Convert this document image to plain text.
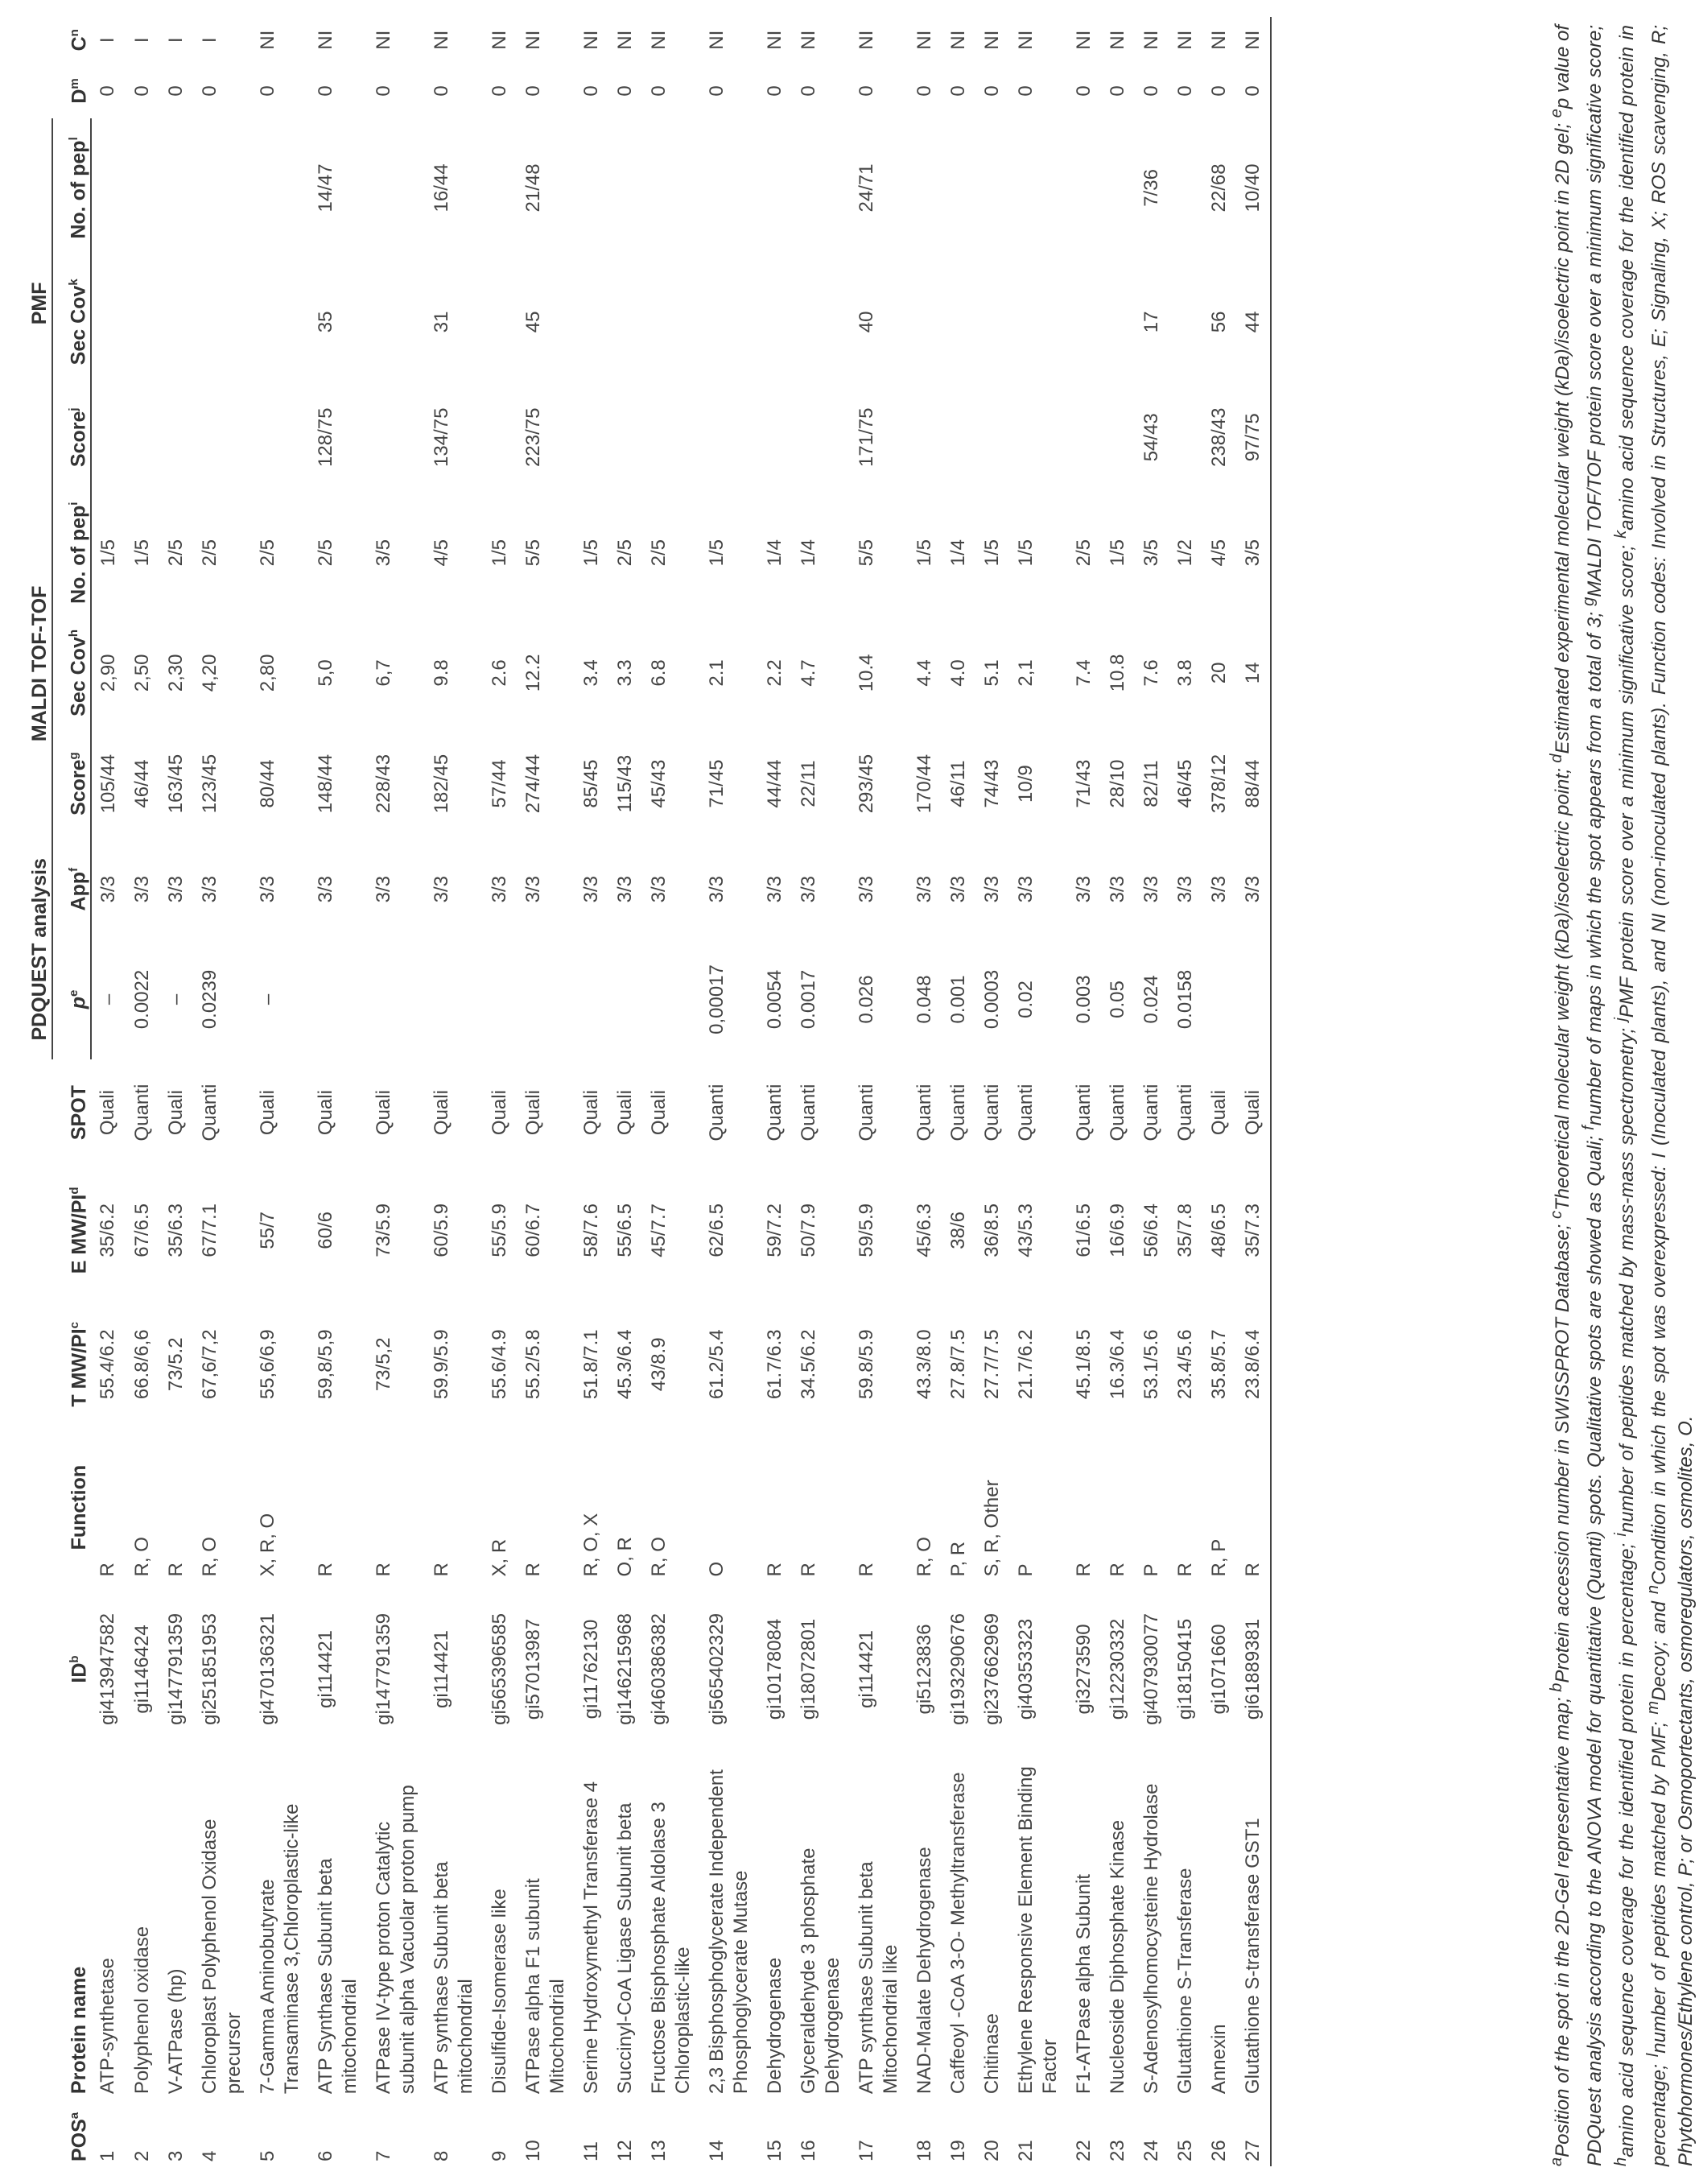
POS$^a$	Protein name	$ID^b$	Function	T $MW/PI^c$	E $MW/PI^d$	SPOT	PDQUEST analysis		MALDI TOF-TOF			PMF			$D^m$	$C^n$
							$p^e$	App$^f$	Score$^g$	Sec Cov$^h$	No. of pep$^i$	Score$^j$	Sec Cov$^k$	No. of pep$^l$
1	ATP-synthetase	gi413947582	R	55.4/6.2	35/6.2	Quali	–	3/3	105/44	2,90	1/5				0	I
2	Polyphenol oxidase	gi1146424	R, O	66.8/6,6	67/6.5	Quanti	0.0022	3/3	46/44	2,50	1/5				0	I
3	V-ATPase (hp)	gi147791359	R	73/5.2	35/6.3	Quali	–	3/3	163/45	2,30	2/5				0	I
4	Chloroplast Polyphenol Oxidase precursor	gi251851953	R, O	67,6/7,2	67/7.1	Quanti	0.0239	3/3	123/45	4,20	2/5				0	I
5	7-Gamma Aminobutyrate Transaminase 3,Chloroplastic-like	gi470136321	X, R, O	55,6/6,9	55/7	Quali	–	3/3	80/44	2,80	2/5				0	NI
6	ATP Synthase Subunit beta mitochondrial	gi114421	R	59,8/5,9	60/6	Quali		3/3	148/44	5,0	2/5	128/75	35	14/47	0	NI
7	ATPase IV-type proton Catalytic subunit alpha Vacuolar proton pump	gi147791359	R	73/5,2	73/5.9	Quali		3/3	228/43	6,7	3/5				0	NI
8	ATP synthase Subunit beta mitochondrial	gi114421	R	59.9/5.9	60/5.9	Quali		3/3	182/45	9.8	4/5	134/75	31	16/44	0	NI
9	Disulfide-Isomerase like	gi565396585	X, R	55.6/4.9	55/5.9	Quali		3/3	57/44	2.6	1/5				0	NI
10	ATPase alpha F1 subunit Mitochondrial	gi57013987	R	55.2/5.8	60/6.7	Quali		3/3	274/44	12.2	5/5	223/75	45	21/48	0	NI
11	Serine Hydroxymethyl Transferase 4	gi11762130	R, O, X	51.8/7.1	58/7.6	Quali		3/3	85/45	3.4	1/5				0	NI
12	Succinyl-CoA Ligase Subunit beta	gi146215968	O, R	45.3/6.4	55/6.5	Quali		3/3	115/43	3.3	2/5				0	NI
13	Fructose Bisphosphate Aldolase 3 Chloroplastic-like	gi460386382	R, O	43/8.9	45/7.7	Quali		3/3	45/43	6.8	2/5				0	NI
14	2,3 Bisphosphoglycerate Independent Phosphoglycerate Mutase	gi565402329	O	61.2/5.4	62/6.5	Quanti	0,00017	3/3	71/45	2.1	1/5				0	NI
15	Dehydrogenase	gi10178084	R	61.7/6.3	59/7.2	Quanti	0.0054	3/3	44/44	2.2	1/4				0	NI
16	Glyceraldehyde 3 phosphate Dehydrogenase	gi18072801	R	34.5/6.2	50/7.9	Quanti	0.0017	3/3	22/11	4.7	1/4				0	NI
17	ATP synthase Subunit beta Mitochondrial like	gi114421	R	59.8/5.9	59/5.9	Quanti	0.026	3/3	293/45	10.4	5/5	171/75	40	24/71	0	NI
18	NAD-Malate Dehydrogenase	gi5123836	R, O	43.3/8.0	45/6.3	Quanti	0.048	3/3	170/44	4.4	1/5				0	NI
19	Caffeoyl -CoA 3-O- Methyltransferase	gi193290676	P, R	27.8/7.5	38/6	Quanti	0.001	3/3	46/11	4.0	1/4				0	NI
20	Chitinase	gi237662969	S, R, Other	27.7/7.5	36/8.5	Quanti	0.0003	3/3	74/43	5.1	1/5				0	NI
21	Ethylene Responsive Element Binding Factor	gi40353323	P	21.7/6.2	43/5.3	Quanti	0.02	3/3	10/9	2,1	1/5				0	NI
22	F1-ATPase alpha Subunit	gi3273590	R	45.1/8.5	61/6.5	Quanti	0.003	3/3	71/43	7.4	2/5				0	NI
23	Nucleoside Diphosphate Kinase	gi12230332	R	16.3/6.4	16/6.9	Quanti	0.05	3/3	28/10	10.8	1/5				0	NI
24	S-Adenosylhomocysteine Hydrolase	gi407930077	P	53.1/5.6	56/6.4	Quanti	0.024	3/3	82/11	7.6	3/5	54/43	17	7/36	0	NI
25	Glutathione S-Transferase	gi18150415	R	23.4/5.6	35/7.8	Quanti	0.0158	3/3	46/45	3.8	1/2				0	NI
26	Annexin	gi1071660	R, P	35.8/5.7	48/6.5	Quali		3/3	378/12	20	4/5	238/43	56	22/68	0	NI
27	Glutathione S-transferase GST1	gi61889381	R	23.8/6.4	35/7.3	Quali		3/3	88/44	14	3/5	97/75	44	10/40	0	NI
$^a$Position of the spot in the 2D-Gel representative map; $^b$Protein accession number in SWISSPROT Database; $^c$Theoretical molecular weight (kDa)/isoelectric point; $^d$Estimated experimental molecular weight (kDa)/isoelectric point in 2D gel; $^e$p value of PDQuest analysis according to the ANOVA model for quantitative (Quanti) spots. Qualitative spots are showed as Quali; $^f$number of maps in which the spot appears from a total of 3; $^g$MALDI TOF/TOF protein score over a minimum significative score; $^h$amino acid sequence coverage for the identified protein in percentage; $^i$number of peptides matched by mass-mass spectrometry; $^j$PMF protein score over a minimum significative score; $^k$amino acid sequence coverage for the identified protein in percentage; $^l$number of peptides matched by PMF; $^m$Decoy; and $^n$Condition in which the spot was overexpressed: I (Inoculated plants), and NI (non-inoculated plants). Function codes: Involved in Structures, E; Signaling, X; ROS scavenging, R; Phytohormones/Ethylene control, P; or Osmoportectants, osmoregulators, osmolites, O.
